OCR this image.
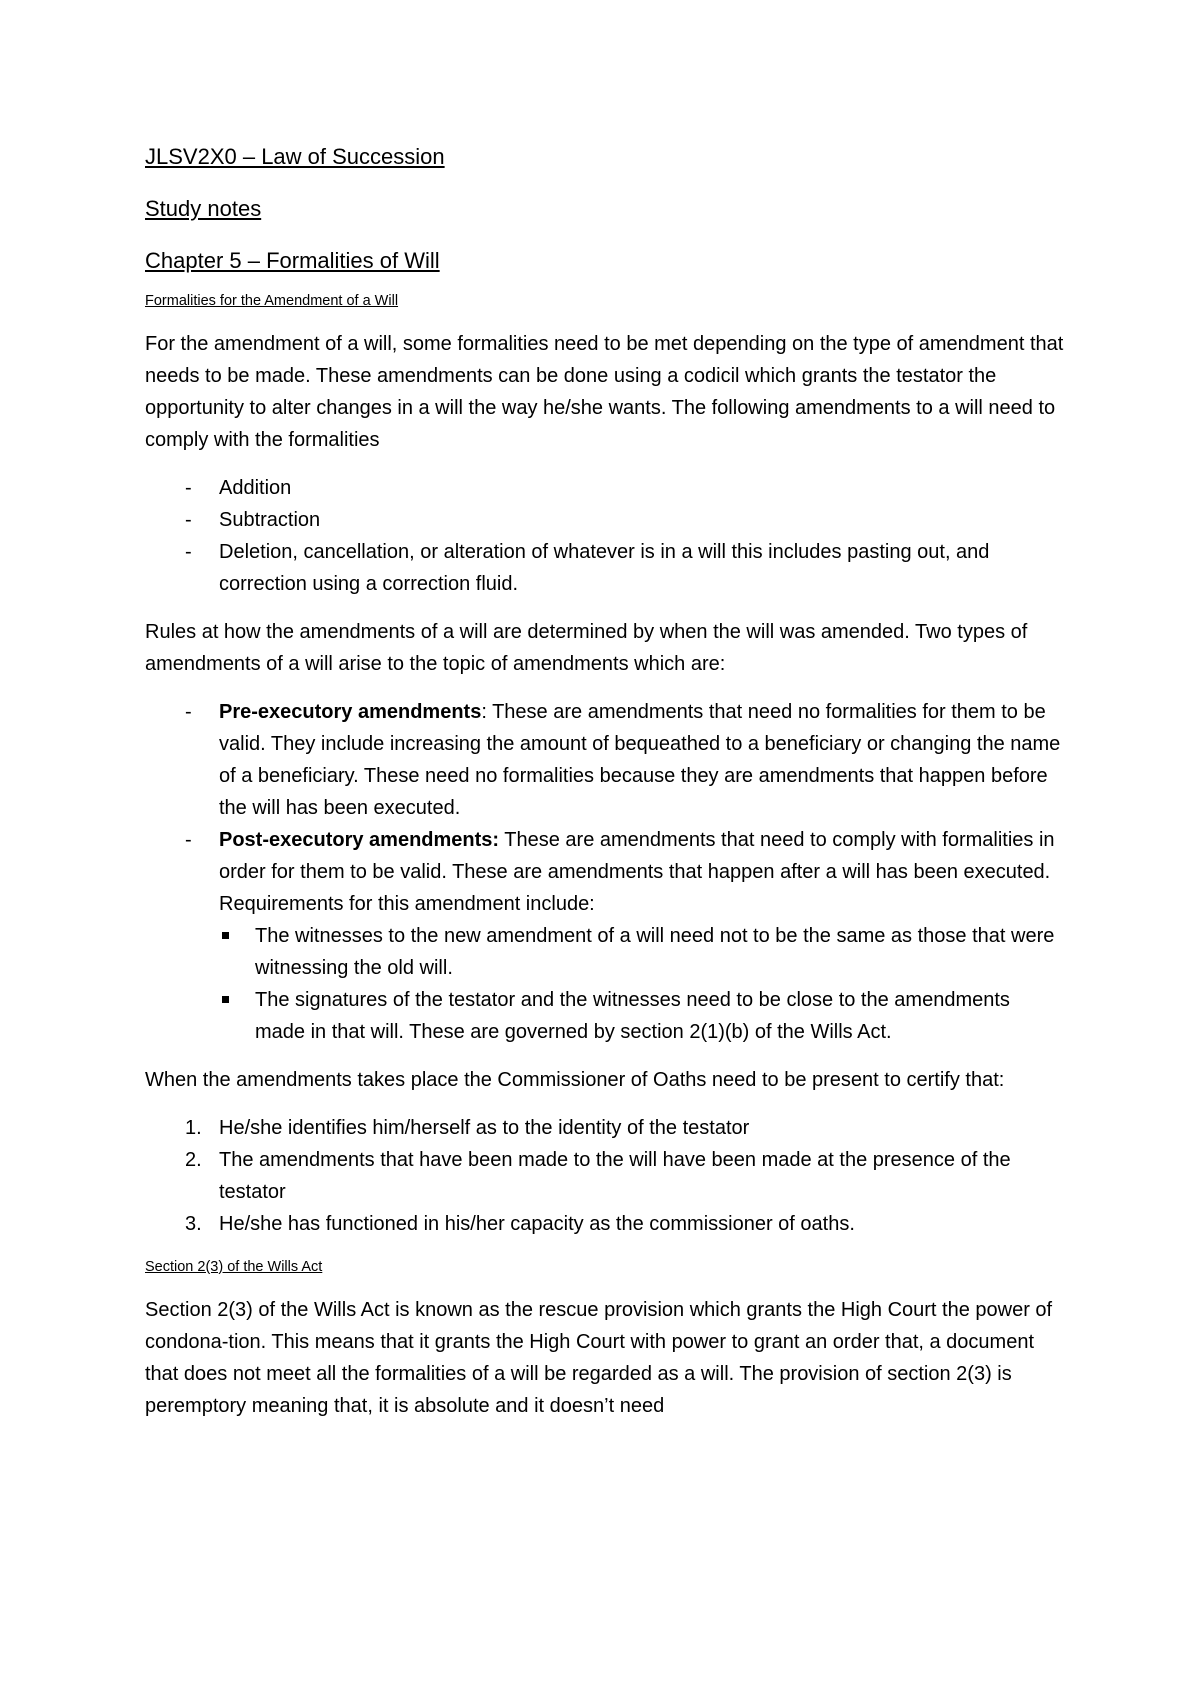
JLSV2X0 – Law of Succession
Study notes
Chapter 5 – Formalities of Will
Formalities for the Amendment of a Will

For the amendment of a will, some formalities need to be met depending on the type of amendment that needs to be made. These amendments can be done using a codicil which grants the testator the opportunity to alter changes in a will the way he/she wants. The following amendments to a will need to comply with the formalities

- Addition
- Subtraction
- Deletion, cancellation, or alteration of whatever is in a will this includes pasting out, and correction using a correction fluid.

Rules at how the amendments of a will are determined by when the will was amended. Two types of amendments of a will arise to the topic of amendments which are:

- Pre-executory amendments: These are amendments that need no formalities for them to be valid. They include increasing the amount of bequeathed to a beneficiary or changing the name of a beneficiary. These need no formalities because they are amendments that happen before the will has been executed.
- Post-executory amendments: These are amendments that need to comply with formalities in order for them to be valid. These are amendments that happen after a will has been executed. Requirements for this amendment include:
The witnesses to the new amendment of a will need not to be the same as those that were witnessing the old will.
The signatures of the testator and the witnesses need to be close to the amendments made in that will. These are governed by section 2(1)(b) of the Wills Act.

When the amendments takes place the Commissioner of Oaths need to be present to certify that:

1. He/she identifies him/herself as to the identity of the testator
2. The amendments that have been made to the will have been made at the presence of the testator
3. He/she has functioned in his/her capacity as the commissioner of oaths.
Section 2(3) of the Wills Act

Section 2(3) of the Wills Act is known as the rescue provision which grants the High Court the power of condona-tion. This means that it grants the High Court with power to grant an order that, a document that does not meet all the formalities of a will be regarded as a will. The provision of section 2(3) is peremptory meaning that, it is absolute and it doesn’t need
